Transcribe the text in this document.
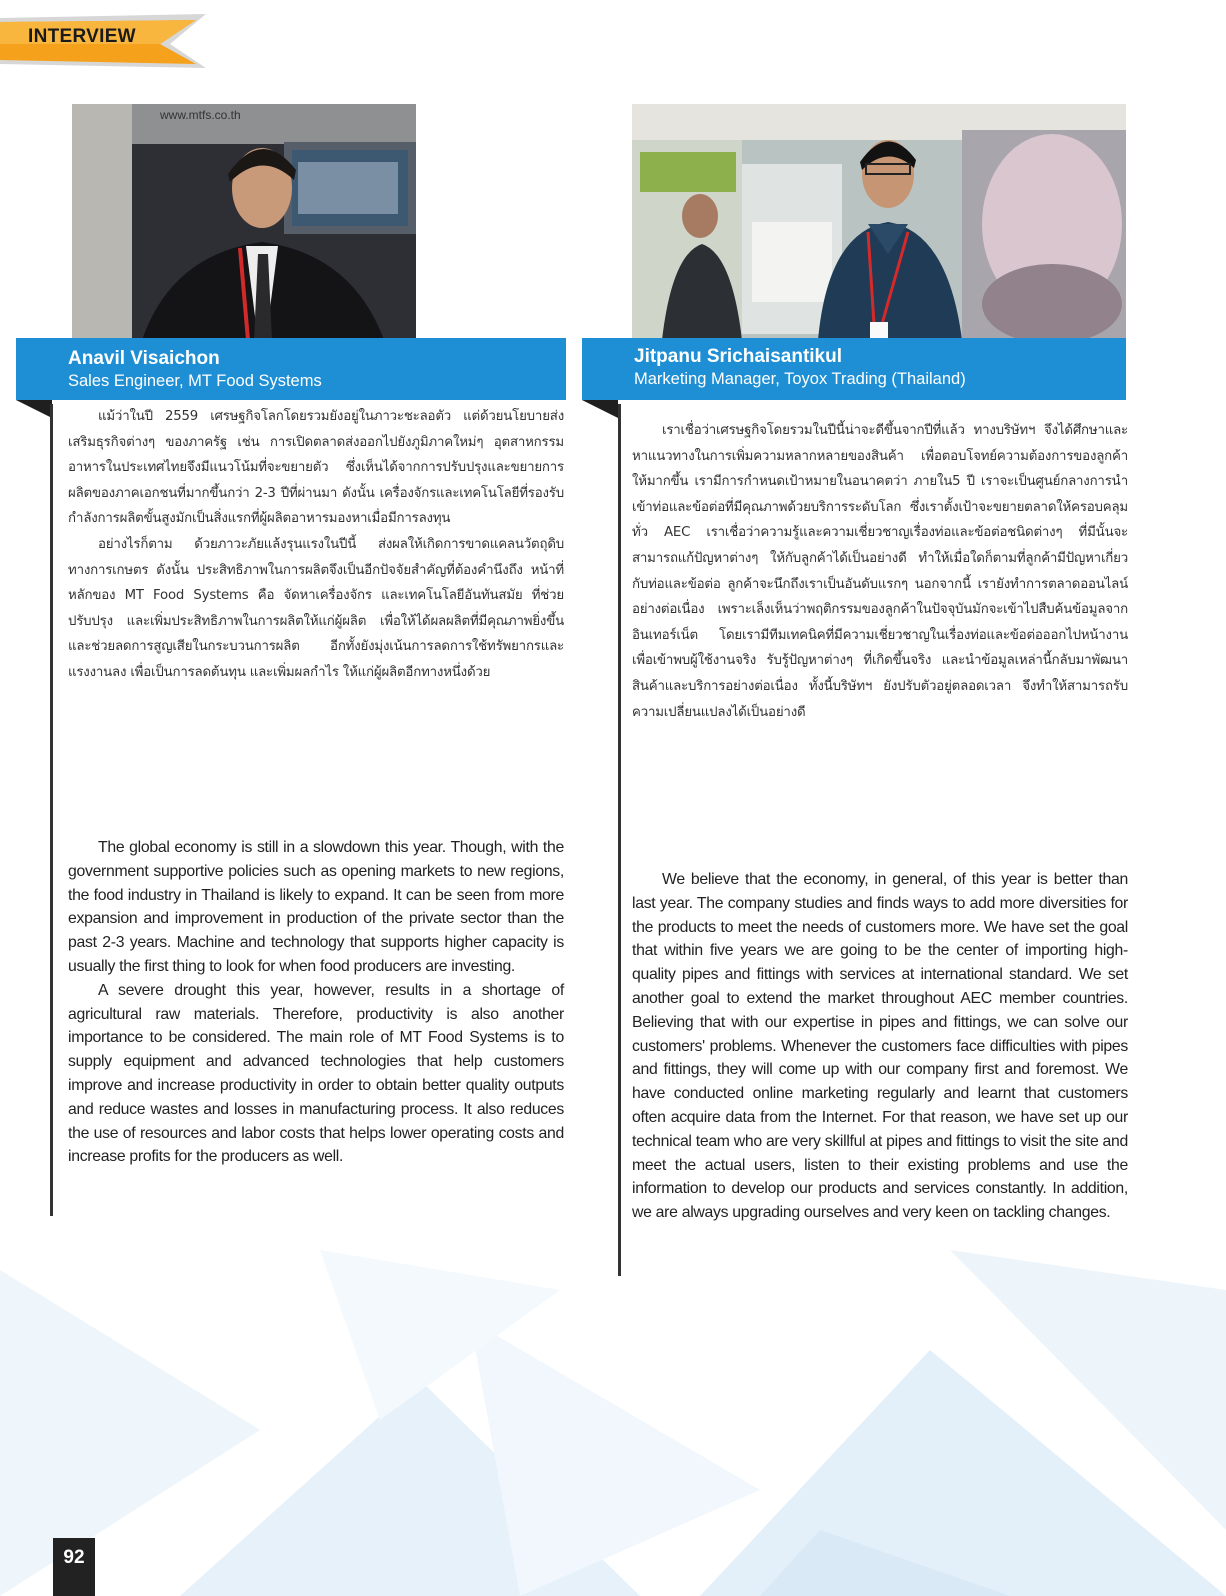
INTERVIEW
www.mtfs.co.th
Anavil Visaichon
Sales Engineer, MT Food Systems

แม้ว่าในปี 2559 เศรษฐกิจโลกโดยรวมยังอยู่ในภาวะชะลอตัว แต่ด้วยนโยบายส่งเสริมธุรกิจต่างๆ ของภาครัฐ เช่น การเปิดตลาดส่งออกไปยังภูมิภาคใหม่ๆ อุตสาหกรรมอาหารในประเทศไทยจึงมีแนวโน้มที่จะขยายตัว ซึ่งเห็นได้จากการปรับปรุงและขยายการผลิตของภาคเอกชนที่มากขึ้นกว่า 2-3 ปีที่ผ่านมา ดังนั้น เครื่องจักรและเทคโนโลยีที่รองรับกำลังการผลิตขั้นสูงมักเป็นสิ่งแรกที่ผู้ผลิตอาหารมองหาเมื่อมีการลงทุน

อย่างไรก็ตาม ด้วยภาวะภัยแล้งรุนแรงในปีนี้ ส่งผลให้เกิดการขาดแคลนวัตถุดิบทางการเกษตร ดังนั้น ประสิทธิภาพในการผลิตจึงเป็นอีกปัจจัยสำคัญที่ต้องคำนึงถึง หน้าที่หลักของ MT Food Systems คือ จัดหาเครื่องจักร และเทคโนโลยีอันทันสมัย ที่ช่วยปรับปรุง และเพิ่มประสิทธิภาพในการผลิตให้แก่ผู้ผลิต เพื่อให้ได้ผลผลิตที่มีคุณภาพยิ่งขึ้น และช่วยลดการสูญเสียในกระบวนการผลิต อีกทั้งยังมุ่งเน้นการลดการใช้ทรัพยากรและแรงงานลง เพื่อเป็นการลดต้นทุน และเพิ่มผลกำไร ให้แก่ผู้ผลิตอีกทางหนึ่งด้วย

The global economy is still in a slowdown this year. Though, with the government supportive policies such as opening markets to new regions, the food industry in Thailand is likely to expand. It can be seen from more expansion and improvement in production of the private sector than the past 2-3 years. Machine and technology that supports higher capacity is usually the first thing to look for when food producers are investing.

A severe drought this year, however, results in a shortage of agricultural raw materials. Therefore, productivity is also another importance to be considered. The main role of MT Food Systems is to supply equipment and advanced technologies that help customers improve and increase productivity in order to obtain better quality outputs and reduce wastes and losses in manufacturing process. It also reduces the use of resources and labor costs that helps lower operating costs and increase profits for the producers as well.

Jitpanu Srichaisantikul
Marketing Manager, Toyox Trading (Thailand)

เราเชื่อว่าเศรษฐกิจโดยรวมในปีนี้น่าจะดีขึ้นจากปีที่แล้ว ทางบริษัทฯ จึงได้ศึกษาและหาแนวทางในการเพิ่มความหลากหลายของสินค้า เพื่อตอบโจทย์ความต้องการของลูกค้าให้มากขึ้น เรามีการกำหนดเป้าหมายในอนาคตว่า ภายใน5 ปี เราจะเป็นศูนย์กลางการนำเข้าท่อและข้อต่อที่มีคุณภาพด้วยบริการระดับโลก ซึ่งเราตั้งเป้าจะขยายตลาดให้ครอบคลุมทั่ว AEC เราเชื่อว่าความรู้และความเชี่ยวชาญเรื่องท่อและข้อต่อชนิดต่างๆ ที่มีนั้นจะสามารถแก้ปัญหาต่างๆ ให้กับลูกค้าได้เป็นอย่างดี ทำให้เมื่อใดก็ตามที่ลูกค้ามีปัญหาเกี่ยวกับท่อและข้อต่อ ลูกค้าจะนึกถึงเราเป็นอันดับแรกๆ นอกจากนี้ เรายังทำการตลาดออนไลน์อย่างต่อเนื่อง เพราะเล็งเห็นว่าพฤติกรรมของลูกค้าในปัจจุบันมักจะเข้าไปสืบค้นข้อมูลจากอินเทอร์เน็ต โดยเรามีทีมเทคนิคที่มีความเชี่ยวชาญในเรื่องท่อและข้อต่อออกไปหน้างาน เพื่อเข้าพบผู้ใช้งานจริง รับรู้ปัญหาต่างๆ ที่เกิดขึ้นจริง และนำข้อมูลเหล่านี้กลับมาพัฒนาสินค้าและบริการอย่างต่อเนื่อง ทั้งนี้บริษัทฯ ยังปรับตัวอยู่ตลอดเวลา จึงทำให้สามารถรับความเปลี่ยนแปลงได้เป็นอย่างดี

We believe that the economy, in general, of this year is better than last year. The company studies and finds ways to add more diversities for the products to meet the needs of customers more. We have set the goal that within five years we are going to be the center of importing high-quality pipes and fittings with services at international standard. We set another goal to extend the market throughout AEC member countries. Believing that with our expertise in pipes and fittings, we can solve our customers' problems. Whenever the customers face difficulties with pipes and fittings, they will come up with our company first and foremost. We have conducted online marketing regularly and learnt that customers often acquire data from the Internet. For that reason, we have set up our technical team who are very skillful at pipes and fittings to visit the site and meet the actual users, listen to their existing problems and use the information to develop our products and services constantly. In addition, we are always upgrading ourselves and very keen on tackling changes.

92
